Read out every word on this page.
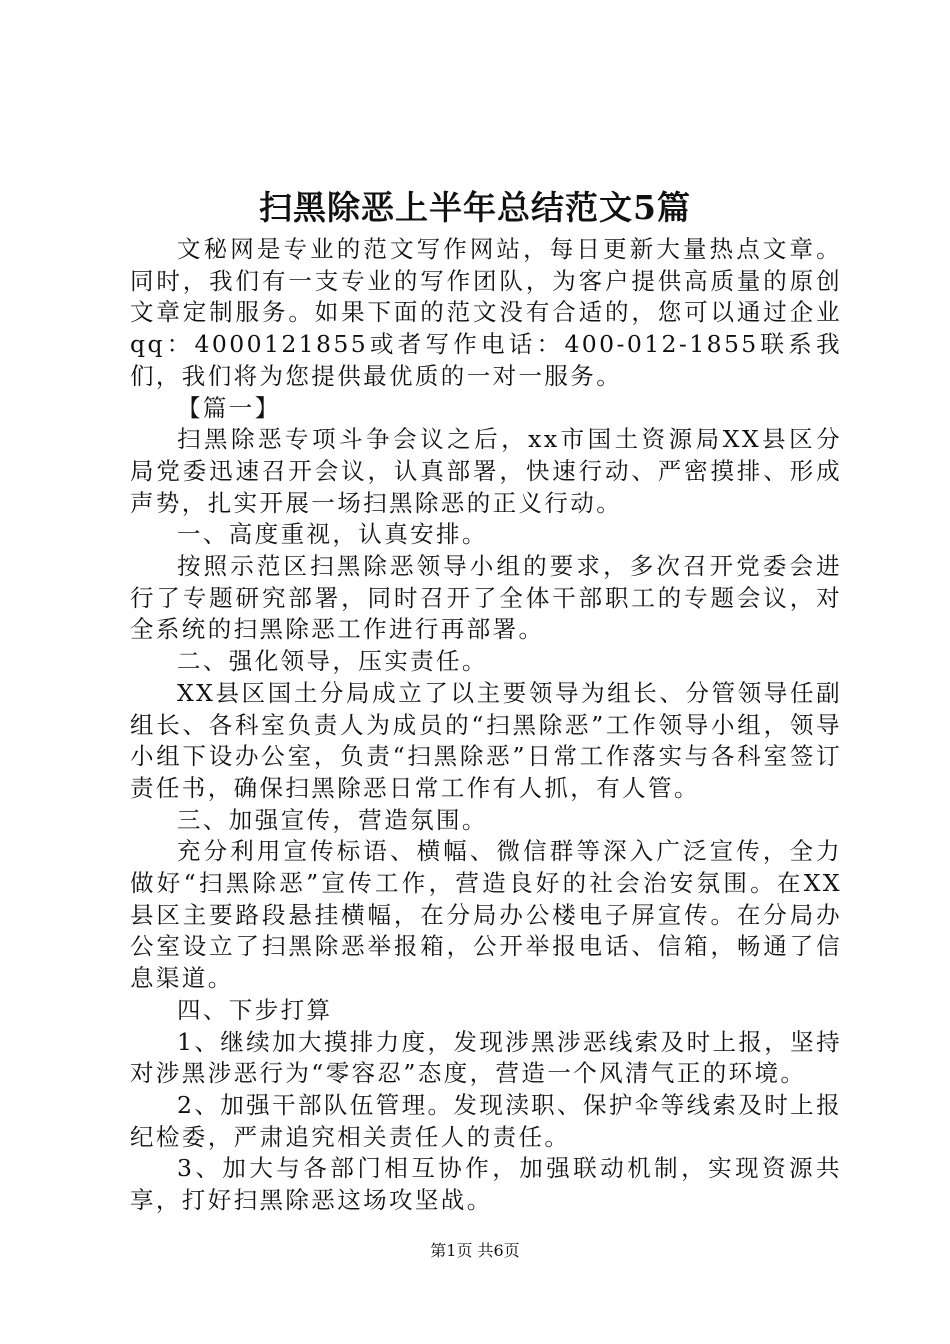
扫黑除恶上半年总结范文5篇

文秘网是专业的范文写作网站，每日更新大量热点文章。同时，我们有一支专业的写作团队，为客户提供高质量的原创文章定制服务。如果下面的范文没有合适的，您可以通过企业qq：4000121855或者写作电话：400-012-1855联系我们，我们将为您提供最优质的一对一服务。

【篇一】

扫黑除恶专项斗争会议之后，xx市国土资源局XX县区分局党委迅速召开会议，认真部署，快速行动、严密摸排、形成声势，扎实开展一场扫黑除恶的正义行动。

一、高度重视，认真安排。

按照示范区扫黑除恶领导小组的要求，多次召开党委会进行了专题研究部署，同时召开了全体干部职工的专题会议，对全系统的扫黑除恶工作进行再部署。

二、强化领导，压实责任。

XX县区国土分局成立了以主要领导为组长、分管领导任副组长、各科室负责人为成员的“扫黑除恶”工作领导小组，领导小组下设办公室，负责“扫黑除恶”日常工作落实与各科室签订责任书，确保扫黑除恶日常工作有人抓，有人管。

三、加强宣传，营造氛围。

充分利用宣传标语、横幅、微信群等深入广泛宣传，全力做好“扫黑除恶”宣传工作，营造良好的社会治安氛围。在XX县区主要路段悬挂横幅，在分局办公楼电子屏宣传。在分局办公室设立了扫黑除恶举报箱，公开举报电话、信箱，畅通了信息渠道。

四、下步打算

1、继续加大摸排力度，发现涉黑涉恶线索及时上报，坚持对涉黑涉恶行为“零容忍”态度，营造一个风清气正的环境。

2、加强干部队伍管理。发现渎职、保护伞等线索及时上报纪检委，严肃追究相关责任人的责任。

3、加大与各部门相互协作，加强联动机制，实现资源共享，打好扫黑除恶这场攻坚战。

第1页 共6页
